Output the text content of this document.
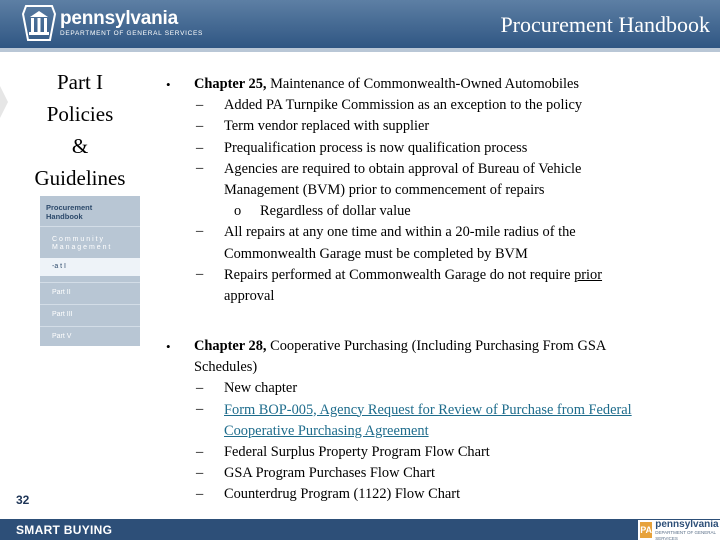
pennsylvania
DEPARTMENT OF GENERAL SERVICES	Procurement Handbook
Part I
Policies
&
Guidelines
Procurement
Handbook
C o m m u n i t y
M a n a g e m e n t
-a t I
Part II
Part III
Part V
32
• Chapter 25, Maintenance of Commonwealth-Owned Automobiles
– Added PA Turnpike Commission as an exception to the policy
– Term vendor replaced with supplier
– Prequalification process is now qualification process
– Agencies are required to obtain approval of Bureau of Vehicle
Management (BVM) prior to commencement of repairs
o Regardless of dollar value
– All repairs at any one time and within a 20-mile radius of the
Commonwealth Garage must be completed by BVM
– Repairs performed at Commonwealth Garage do not require prior
approval
• Chapter 28, Cooperative Purchasing (Including Purchasing From GSA
Schedules)
– New chapter
– Form BOP-005, Agency Request for Review of Purchase from Federal
Cooperative Purchasing Agreement
– Federal Surplus Property Program Flow Chart
– GSA Program Purchases Flow Chart
– Counterdrug Program (1122) Flow Chart
SMART BUYING	PA
pennsylvania
DEPARTMENT OF GENERAL SERVICES
